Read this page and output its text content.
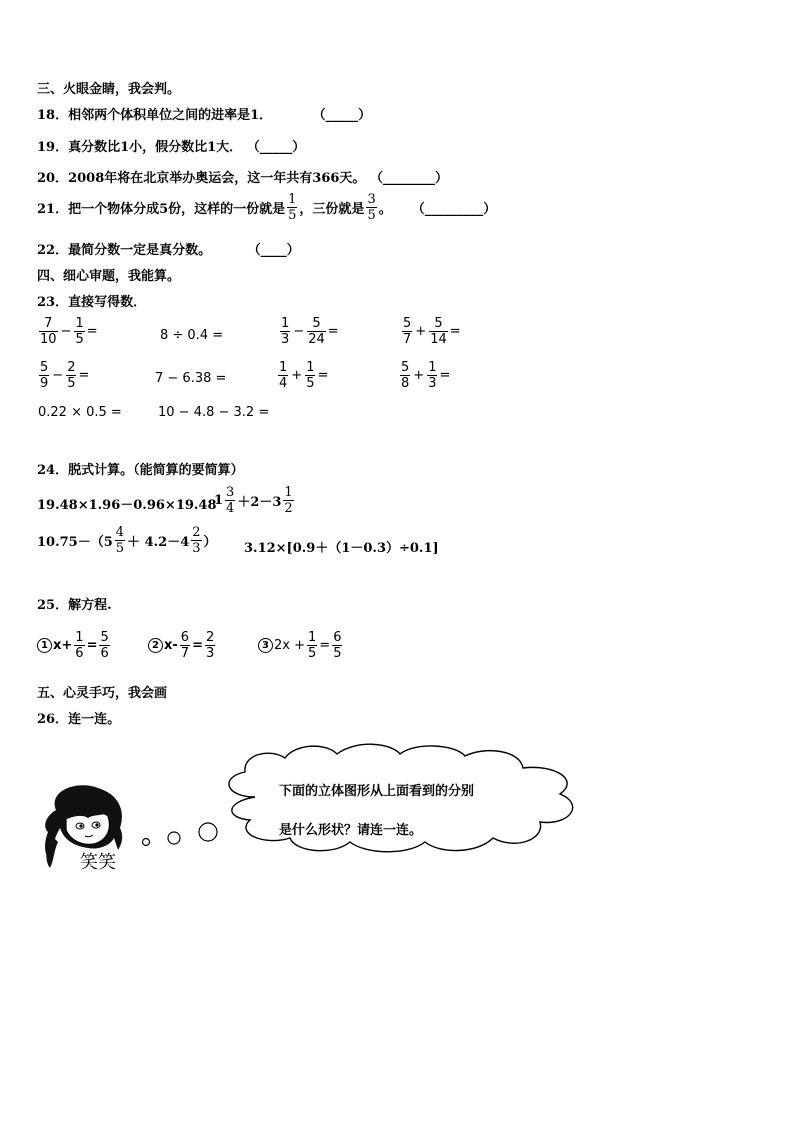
三、火眼金睛，我会判。
18．相邻两个体积单位之间的进率是1．	（_____）
19．真分数比1小，假分数比1大． （_____）
20．2008年将在北京举办奥运会，这一年共有366天。 （________）
21．把一个物体分成5份，这样的一份就是 $\frac{1}{5}$ ，三份就是 $\frac{3}{5}$ 。 （_________）
22．最简分数一定是真分数。	（____）
四、细心审题，我能算。
23．直接写得数．
$\frac{7}{10} - \frac{1}{5}$ =	8 ÷ 0.4 =	$\frac{1}{3} - \frac{5}{24}$ =	$\frac{5}{7} + \frac{5}{14}$ =
$\frac{5}{9} - \frac{2}{5}$ =	7 − 6.38 =	$\frac{1}{4} + \frac{1}{5}$ =	$\frac{5}{8} + \frac{1}{3}$ =
0.22 × 0.5 =	10 − 4.8 − 3.2 =
24．脱式计算。（能简算的要简算）
19.48×1.96－0.96×19.48
$1 \frac{3}{4} +2-3 \frac{1}{2}$
$10.75-(5 \frac{4}{5} + 4.2-4 \frac{2}{3}$ ） 3.12×[0.9＋（1－0.3）÷0.1]
25．解方程.
1 $x+ \frac{1}{6} = \frac{5}{6}$	2 $x- \frac{6}{7} = \frac{2}{3}$	3 $2x + \frac{1}{5} = \frac{6}{5}$
五、心灵手巧，我会画
26．连一连。
笑笑
下面的立体图形从上面看到的分别
是什么形状？请连一连。
